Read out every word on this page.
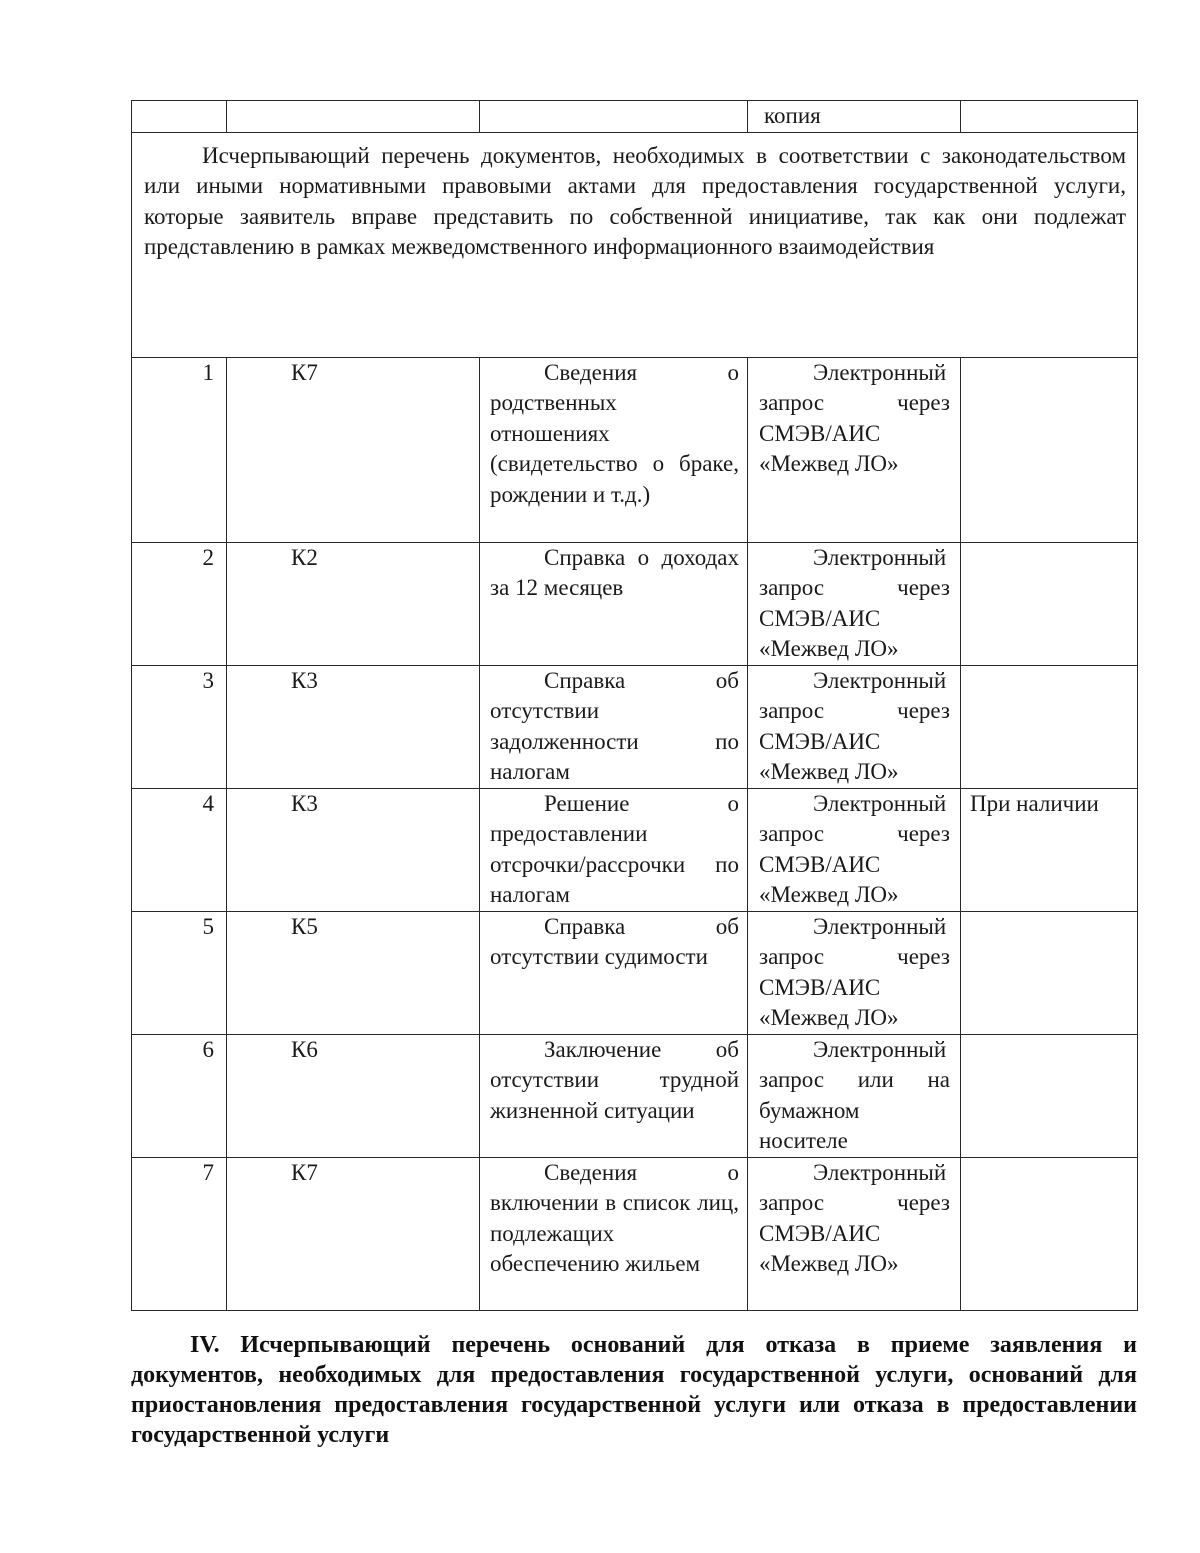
			копия	

Исчерпывающий перечень документов, необходимых в соответствии с законодательством или иными нормативными правовыми актами для предоставления государственной услуги, которые заявитель вправе представить по собственной инициативе, так как они подлежат представлению в рамках межведомственного информационного взаимодействия				

1	К7	Сведения о родственных отношениях (свидетельство о браке, рождении и т.д.)	Электронный запрос через СМЭВ/АИС «Межвед ЛО»	

2	К2	Справка о доходах за 12 месяцев	Электронный запрос через СМЭВ/АИС «Межвед ЛО»	

3	К3	Справка об отсутствии задолженности по налогам	Электронный запрос через СМЭВ/АИС «Межвед ЛО»	

4	К3	Решение о предоставлении отсрочки/рассрочки по налогам	Электронный запрос через СМЭВ/АИС «Межвед ЛО»	При наличии
5	К5	Справка об отсутствии судимости	Электронный запрос через СМЭВ/АИС «Межвед ЛО»	

6	К6	Заключение об отсутствии трудной жизненной ситуации	Электронный запрос или на бумажном носителе	

7	К7	Сведения о включении в список лиц, подлежащих обеспечению жильем	Электронный запрос через СМЭВ/АИС «Межвед ЛО»	

IV. Исчерпывающий перечень оснований для отказа в приеме заявления и документов, необходимых для предоставления государственной услуги, оснований для приостановления предоставления государственной услуги или отказа в предоставлении государственной услуги
